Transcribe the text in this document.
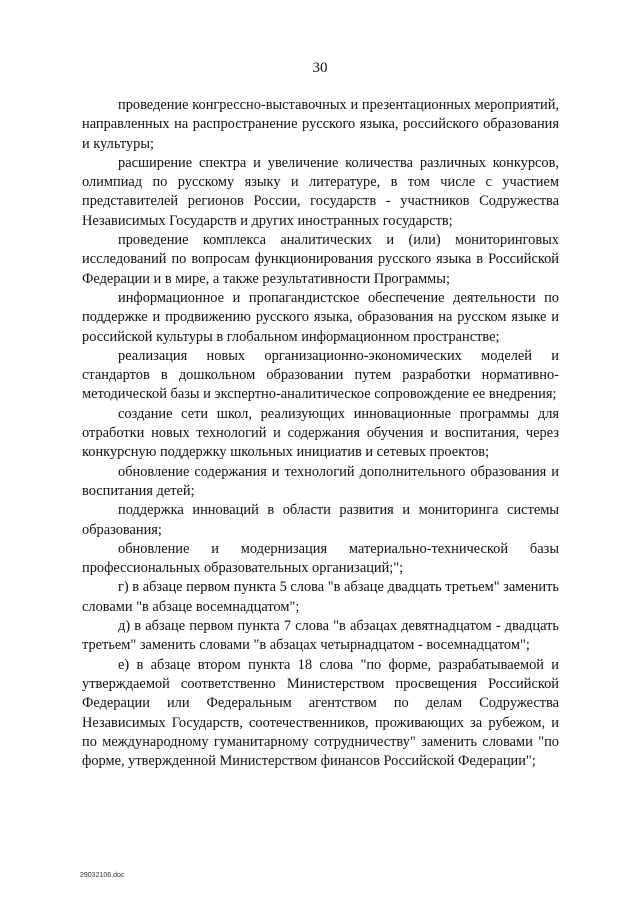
30

проведение конгрессно-выставочных и презентационных мероприятий, направленных на распространение русского языка, российского образования и культуры;

расширение спектра и увеличение количества различных конкурсов, олимпиад по русскому языку и литературе, в том числе с участием представителей регионов России, государств - участников Содружества Независимых Государств и других иностранных государств;

проведение комплекса аналитических и (или) мониторинговых исследований по вопросам функционирования русского языка в Российской Федерации и в мире, а также результативности Программы;

информационное и пропагандистское обеспечение деятельности по поддержке и продвижению русского языка, образования на русском языке и российской культуры в глобальном информационном пространстве;

реализация новых организационно-экономических моделей и стандартов в дошкольном образовании путем разработки нормативно-методической базы и экспертно-аналитическое сопровождение ее внедрения;

создание сети школ, реализующих инновационные программы для отработки новых технологий и содержания обучения и воспитания, через конкурсную поддержку школьных инициатив и сетевых проектов;

обновление содержания и технологий дополнительного образования и воспитания детей;

поддержка инноваций в области развития и мониторинга системы образования;

обновление и модернизация материально-технической базы профессиональных образовательных организаций;";

г) в абзаце первом пункта 5 слова "в абзаце двадцать третьем" заменить словами "в абзаце восемнадцатом";

д) в абзаце первом пункта 7 слова "в абзацах девятнадцатом - двадцать третьем" заменить словами "в абзацах четырнадцатом - восемнадцатом";

е) в абзаце втором пункта 18 слова "по форме, разрабатываемой и утверждаемой соответственно Министерством просвещения Российской Федерации или Федеральным агентством по делам Содружества Независимых Государств, соотечественников, проживающих за рубежом, и по международному гуманитарному сотрудничеству" заменить словами "по форме, утвержденной Министерством финансов Российской Федерации";

29032106.doc
